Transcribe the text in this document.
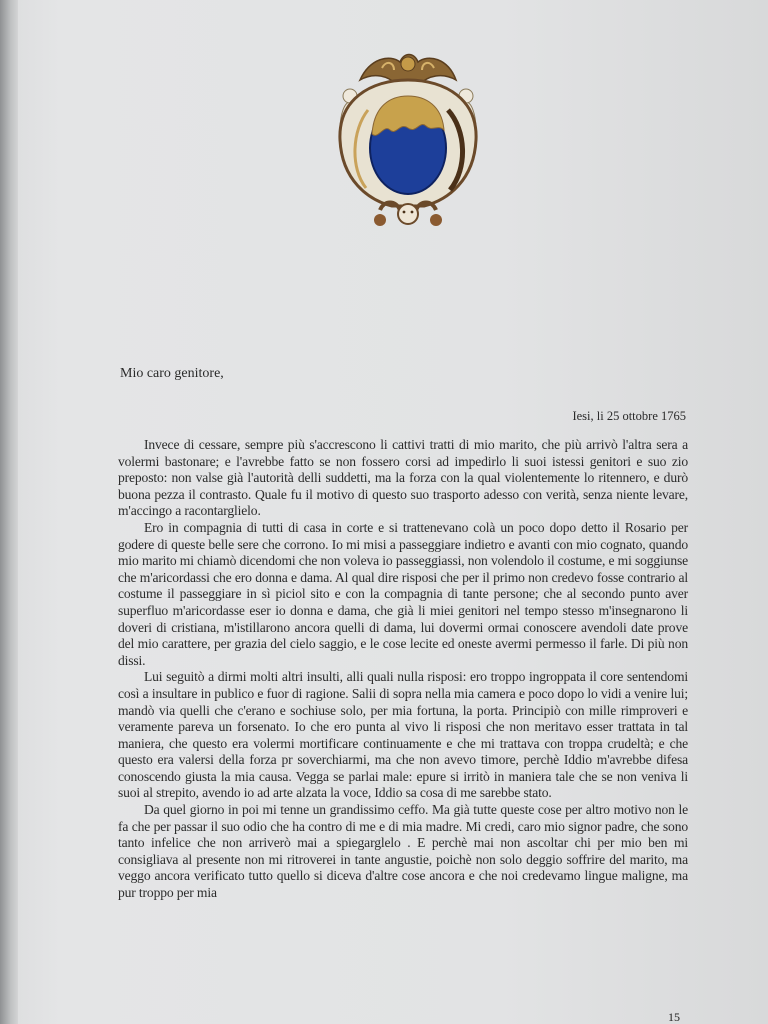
Mio caro genitore,
Iesi, li 25 ottobre 1765

Invece di cessare, sempre più s'accrescono li cattivi tratti di mio marito, che più arrivò l'altra sera a volermi bastonare; e l'avrebbe fatto se non fossero corsi ad impedirlo li suoi istessi genitori e suo zio preposto: non valse già l'autorità delli suddetti, ma la forza con la qual violentemente lo ritennero, e durò buona pezza il contrasto. Quale fu il motivo di questo suo trasporto adesso con verità, senza niente levare, m'accingo a racontarglielo.

Ero in compagnia di tutti di casa in corte e si trattenevano colà un poco dopo detto il Rosario per godere di queste belle sere che corrono. Io mi misi a passeggiare indietro e avanti con mio cognato, quando mio marito mi chiamò dicendomi che non voleva io passeggiassi, non volendolo il costume, e mi soggiunse che m'aricordassi che ero donna e dama. Al qual dire risposi che per il primo non credevo fosse contrario al costume il passeggiare in sì piciol sito e con la compagnia di tante persone; che al secondo punto aver superfluo m'aricordasse eser io donna e dama, che già li miei genitori nel tempo stesso m'insegnarono li doveri di cristiana, m'istillarono ancora quelli di dama, lui dovermi ormai conoscere avendoli date prove del mio carattere, per grazia del cielo saggio, e le cose lecite ed oneste avermi permesso il farle. Di più non dissi.

Lui seguitò a dirmi molti altri insulti, alli quali nulla risposi: ero troppo ingroppata il core sentendomi così a insultare in publico e fuor di ragione. Salii di sopra nella mia camera e poco dopo lo vidi a venire lui; mandò via quelli che c'erano e sochiuse solo, per mia fortuna, la porta. Principiò con mille rimproveri e veramente pareva un forsenato. Io che ero punta al vivo li risposi che non meritavo esser trattata in tal maniera, che questo era volermi mortificare continuamente e che mi trattava con troppa crudeltà; e che questo era valersi della forza pr soverchiarmi, ma che non avevo timore, perchè Iddio m'avrebbe difesa conoscendo giusta la mia causa. Vegga se parlai male: epure si irritò in maniera tale che se non veniva li suoi al strepito, avendo io ad arte alzata la voce, Iddio sa cosa di me sarebbe stato.

Da quel giorno in poi mi tenne un grandissimo ceffo. Ma già tutte queste cose per altro motivo non le fa che per passar il suo odio che ha contro di me e di mia madre. Mi credi, caro mio signor padre, che sono tanto infelice che non arriverò mai a spiegarglelo . E perchè mai non ascoltar chi per mio ben mi consigliava al presente non mi ritroverei in tante angustie, poichè non solo deggio soffrire del marito, ma veggo ancora verificato tutto quello si diceva d'altre cose ancora e che noi credevamo lingue maligne, ma pur troppo per mia

15
